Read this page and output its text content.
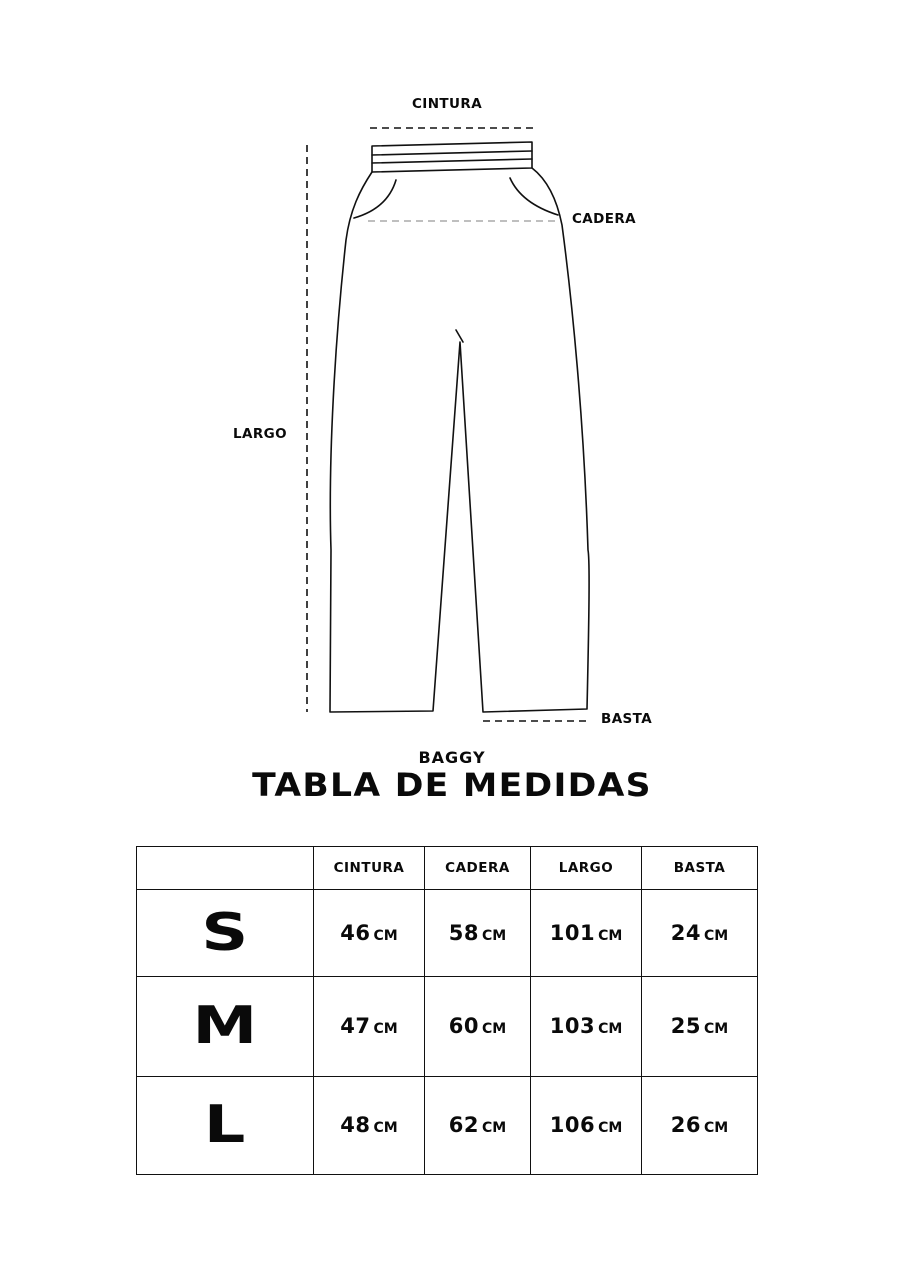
CINTURA
CADERA
LARGO
BASTA
BAGGY
TABLA DE MEDIDAS
	CINTURA	CADERA	LARGO	BASTA
S	46 CM	58 CM	101 CM	24 CM
M	47 CM	60 CM	103 CM	25 CM
L	48 CM	62 CM	106 CM	26 CM
